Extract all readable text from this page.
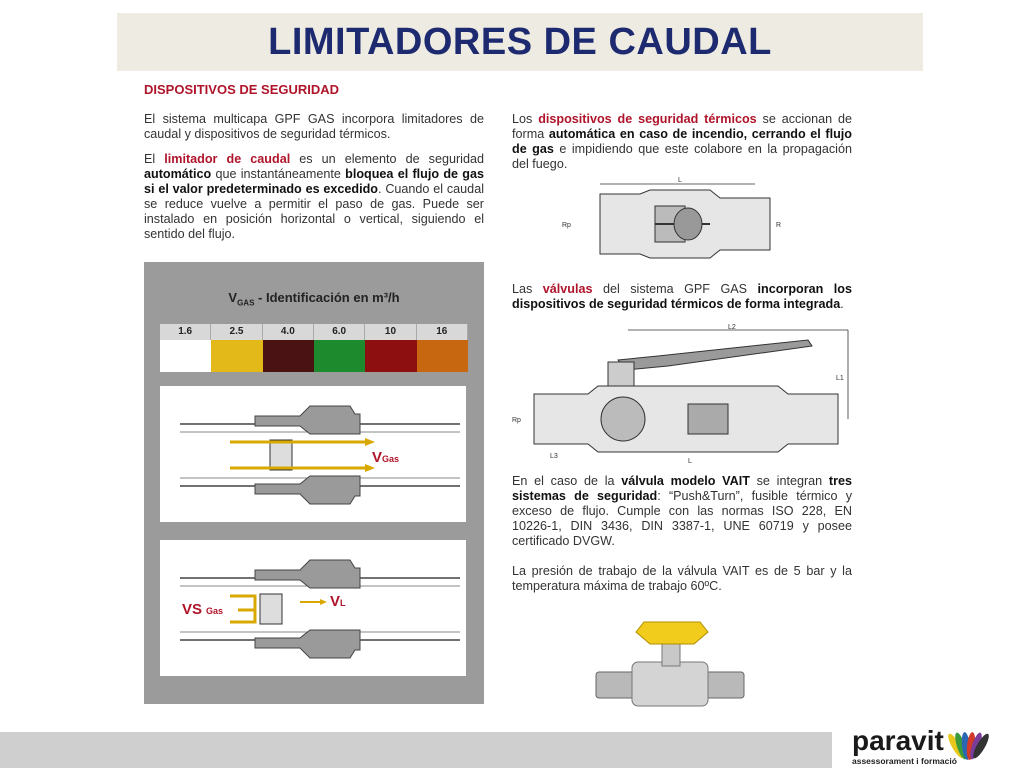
LIMITADORES DE CAUDAL
DISPOSITIVOS DE SEGURIDAD
El sistema multicapa GPF GAS incorpora limitadores de caudal y dispositivos de seguridad térmicos.
El limitador de caudal es un elemento de seguridad automático que instantáneamente bloquea el flujo de gas si el valor predeterminado es excedido. Cuando el caudal se reduce vuelve a permitir el paso de gas. Puede ser instalado en posición horizontal o vertical, siguiendo el sentido del flujo.
$V_{GAS}$ - Identificación en m³/h
1.6	2.5	4.0	6.0	10	16
VGas
VS Gas
VL
Los dispositivos de seguridad térmicos se accionan de forma automática en caso de incendio, cerrando el flujo de gas e impidiendo que este colabore en la propagación del fuego.
L
Rp	R
Las válvulas del sistema GPF GAS incorporan los dispositivos de seguridad térmicos de forma integrada.
L2
L1
Rp
L3
L
En el caso de la válvula modelo VAIT se integran tres sistemas de seguridad: “Push&Turn”, fusible térmico y exceso de flujo. Cumple con las normas ISO 228, EN 10226-1, DIN 3436, DIN 3387-1, UNE 60719 y posee certificado DVGW.
La presión de trabajo de la válvula VAIT es de 5 bar y la temperatura máxima de trabajo 60ºC.
paravit
assessorament i formació
